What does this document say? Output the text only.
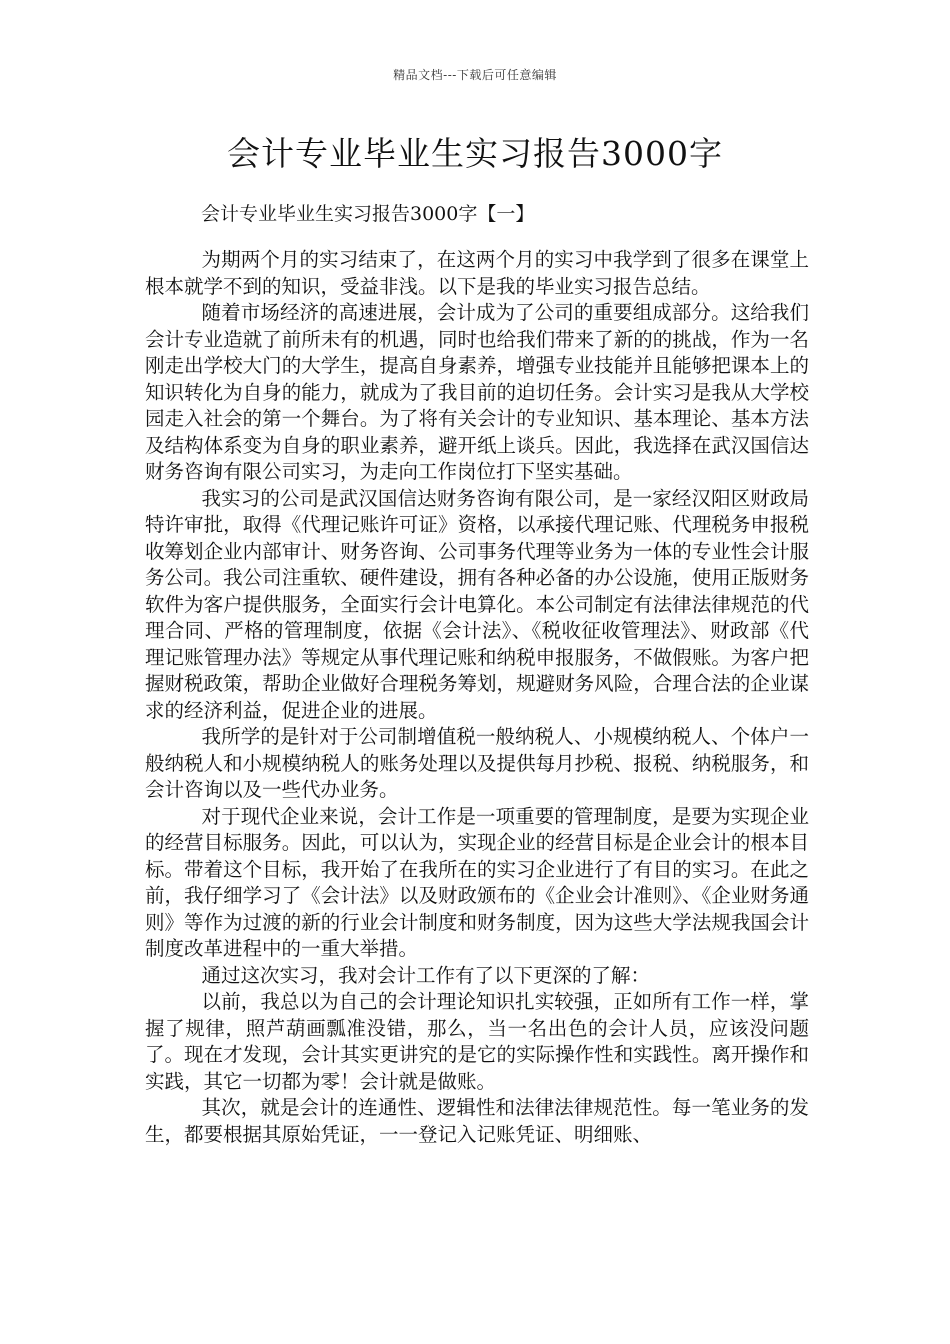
精品文档---下载后可任意编辑
会计专业毕业生实习报告3000字

会计专业毕业生实习报告3000字【一】

为期两个月的实习结束了，在这两个月的实习中我学到了很多在课堂上根本就学不到的知识，受益非浅。以下是我的毕业实习报告总结。

随着市场经济的高速进展，会计成为了公司的重要组成部分。这给我们会计专业造就了前所未有的机遇，同时也给我们带来了新的的挑战，作为一名刚走出学校大门的大学生，提高自身素养，增强专业技能并且能够把课本上的知识转化为自身的能力，就成为了我目前的迫切任务。会计实习是我从大学校园走入社会的第一个舞台。为了将有关会计的专业知识、基本理论、基本方法及结构体系变为自身的职业素养，避开纸上谈兵。因此，我选择在武汉国信达财务咨询有限公司实习，为走向工作岗位打下坚实基础。

我实习的公司是武汉国信达财务咨询有限公司，是一家经汉阳区财政局特许审批，取得《代理记账许可证》资格，以承接代理记账、代理税务申报税收筹划企业内部审计、财务咨询、公司事务代理等业务为一体的专业性会计服务公司。我公司注重软、硬件建设，拥有各种必备的办公设施，使用正版财务软件为客户提供服务，全面实行会计电算化。本公司制定有法律法律规范的代理合同、严格的管理制度，依据《会计法》、《税收征收管理法》、财政部《代理记账管理办法》等规定从事代理记账和纳税申报服务，不做假账。为客户把握财税政策，帮助企业做好合理税务筹划，规避财务风险，合理合法的企业谋求的经济利益，促进企业的进展。

我所学的是针对于公司制增值税一般纳税人、小规模纳税人、个体户一般纳税人和小规模纳税人的账务处理以及提供每月抄税、报税、纳税服务，和会计咨询以及一些代办业务。

对于现代企业来说，会计工作是一项重要的管理制度，是要为实现企业的经营目标服务。因此，可以认为，实现企业的经营目标是企业会计的根本目标。带着这个目标，我开始了在我所在的实习企业进行了有目的实习。在此之前，我仔细学习了《会计法》以及财政颁布的《企业会计准则》、《企业财务通则》等作为过渡的新的行业会计制度和财务制度，因为这些大学法规我国会计制度改革进程中的一重大举措。

通过这次实习，我对会计工作有了以下更深的了解：

以前，我总以为自己的会计理论知识扎实较强，正如所有工作一样，掌握了规律，照芦葫画瓢准没错，那么，当一名出色的会计人员，应该没问题了。现在才发现，会计其实更讲究的是它的实际操作性和实践性。离开操作和实践，其它一切都为零！会计就是做账。

其次，就是会计的连通性、逻辑性和法律法律规范性。每一笔业务的发生，都要根据其原始凭证，一一登记入记账凭证、明细账、
